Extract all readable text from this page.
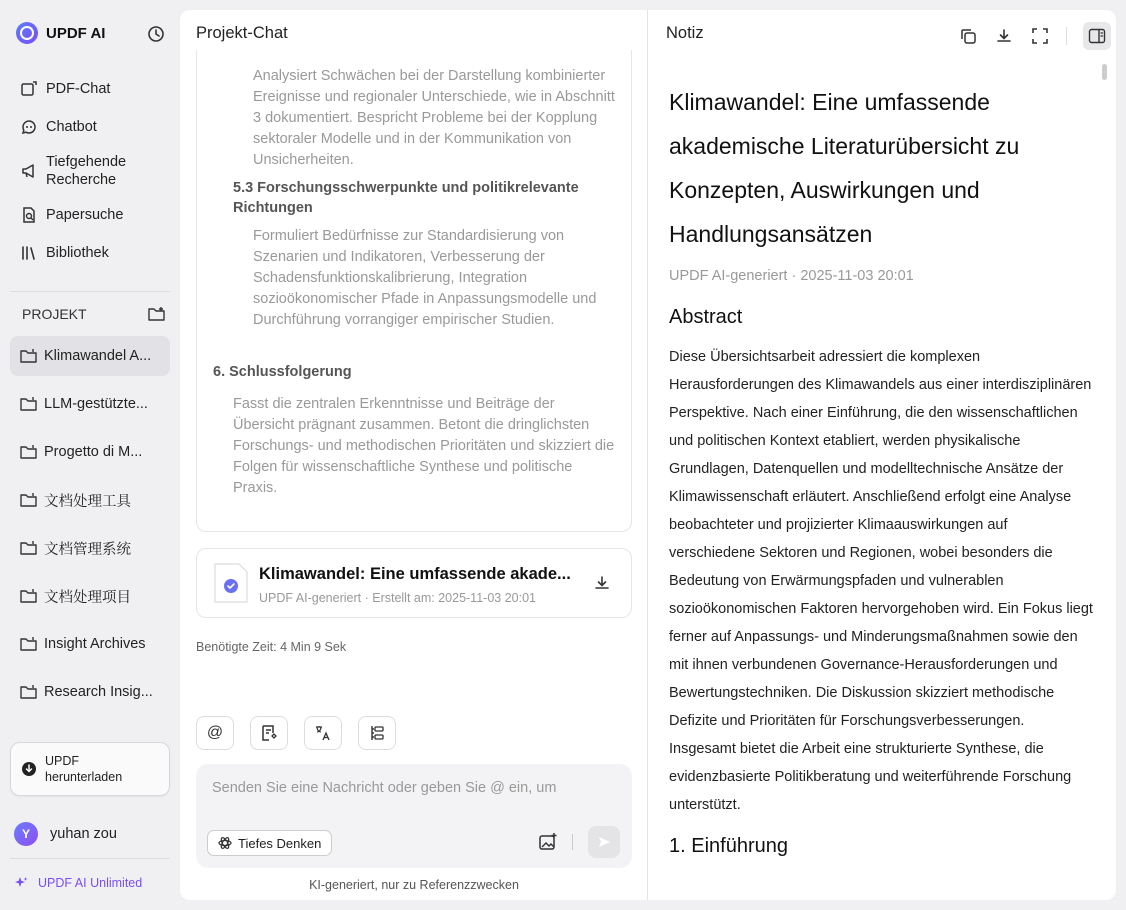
UPDF AI
PDF-Chat
Chatbot
Tiefgehende Recherche
Papersuche
Bibliothek
PROJEKT
Klimawandel A...
LLM-gestützte...
Progetto di M...
文档处理工具
文档管理系统
文档处理项目
Insight Archives
Research Insig...
UPDF herunterladen
Y	yuhan zou
UPDF AI Unlimited
Projekt-Chat
Analysiert Schwächen bei der Darstellung kombinierter Ereignisse und regionaler Unterschiede, wie in Abschnitt 3 dokumentiert. Bespricht Probleme bei der Kopplung sektoraler Modelle und in der Kommunikation von Unsicherheiten.
5.3 Forschungsschwerpunkte und politikrelevante Richtungen
Formuliert Bedürfnisse zur Standardisierung von Szenarien und Indikatoren, Verbesserung der Schadensfunktionskalibrierung, Integration sozioökonomischer Pfade in Anpassungsmodelle und Durchführung vorrangiger empirischer Studien.
6. Schlussfolgerung
Fasst die zentralen Erkenntnisse und Beiträge der Übersicht prägnant zusammen. Betont die dringlichsten Forschungs- und methodischen Prioritäten und skizziert die Folgen für wissenschaftliche Synthese und politische Praxis.
Klimawandel: Eine umfassende akade...
UPDF AI-generiert · Erstellt am: 2025-11-03 20:01
Benötigte Zeit: 4 Min 9 Sek
@
Senden Sie eine Nachricht oder geben Sie @ ein, um
Tiefes Denken
KI-generiert, nur zu Referenzzwecken
Notiz
Klimawandel: Eine umfassende akademische Literaturübersicht zu Konzepten, Auswirkungen und Handlungsansätzen
UPDF AI-generiert · 2025-11-03 20:01
Abstract
Diese Übersichtsarbeit adressiert die komplexen Herausforderungen des Klimawandels aus einer interdisziplinären Perspektive. Nach einer Einführung, die den wissenschaftlichen und politischen Kontext etabliert, werden physikalische Grundlagen, Datenquellen und modelltechnische Ansätze der Klimawissenschaft erläutert. Anschließend erfolgt eine Analyse beobachteter und projizierter Klimaauswirkungen auf verschiedene Sektoren und Regionen, wobei besonders die Bedeutung von Erwärmungspfaden und vulnerablen sozioökonomischen Faktoren hervorgehoben wird. Ein Fokus liegt ferner auf Anpassungs- und Minderungsmaßnahmen sowie den mit ihnen verbundenen Governance-Herausforderungen und Bewertungstechniken. Die Diskussion skizziert methodische Defizite und Prioritäten für Forschungsverbesserungen. Insgesamt bietet die Arbeit eine strukturierte Synthese, die evidenzbasierte Politikberatung und weiterführende Forschung unterstützt.
1. Einführung
